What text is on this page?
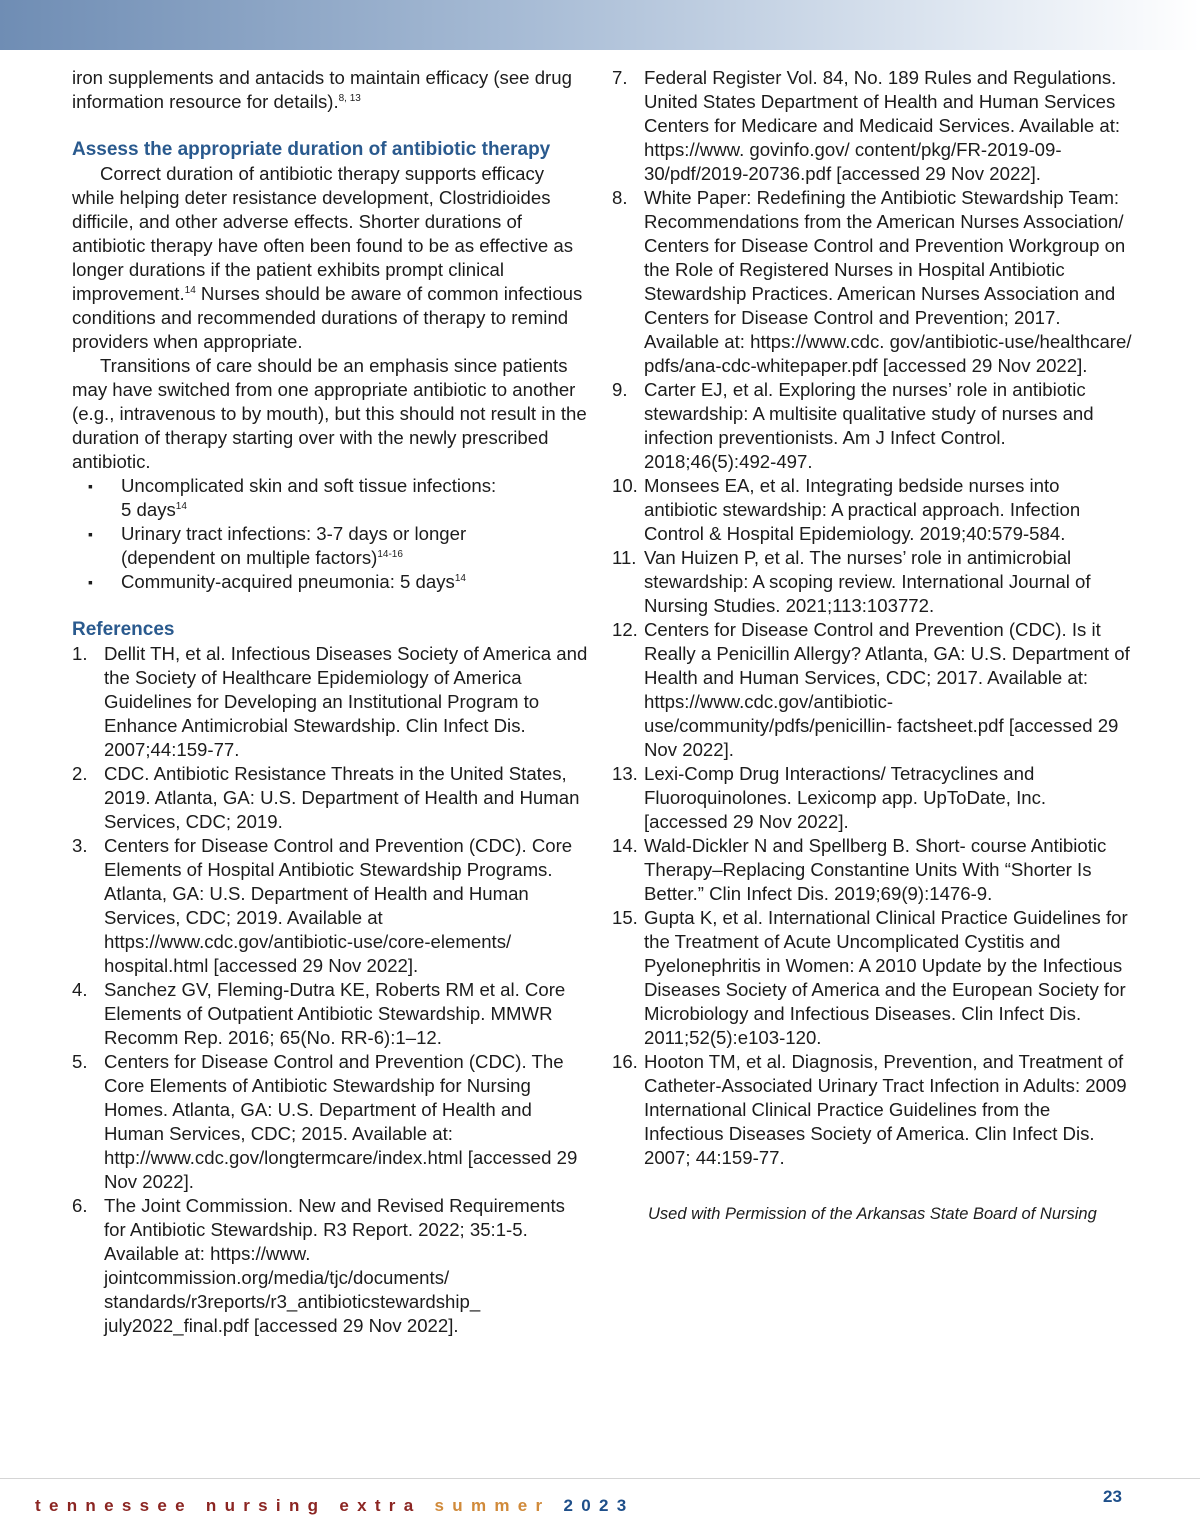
iron supplements and antacids to maintain efficacy (see drug information resource for details).$^{8, 13}$

Assess the appropriate duration of antibiotic therapy

Correct duration of antibiotic therapy supports efficacy while helping deter resistance development, Clostridioides difficile, and other adverse effects. Shorter durations of antibiotic therapy have often been found to be as effective as longer durations if the patient exhibits prompt clinical improvement.$^{14}$ Nurses should be aware of common infectious conditions and recommended durations of therapy to remind providers when appropriate.

Transitions of care should be an emphasis since patients may have switched from one appropriate antibiotic to another (e.g., intravenous to by mouth), but this should not result in the duration of therapy starting over with the newly prescribed antibiotic.

▪ Uncomplicated skin and soft tissue infections:
5 days$^{14}$
▪ Urinary tract infections: 3-7 days or longer
(dependent on multiple factors)$^{14-16}$
▪ Community-acquired pneumonia: 5 days$^{14}$
References
1. Dellit TH, et al. Infectious Diseases Society of America and the Society of Healthcare Epidemiology of America Guidelines for Developing an Institutional Program to Enhance Antimicrobial Stewardship. Clin Infect Dis. 2007;44:159-77.
2. CDC. Antibiotic Resistance Threats in the United States, 2019. Atlanta, GA: U.S. Department of Health and Human Services, CDC; 2019.
3. Centers for Disease Control and Prevention (CDC). Core Elements of Hospital Antibiotic Stewardship Programs. Atlanta, GA: U.S. Department of Health and Human Services, CDC; 2019. Available at https://www.cdc.gov/antibiotic-use/core-elements/ hospital.html [accessed 29 Nov 2022].
4. Sanchez GV, Fleming-Dutra KE, Roberts RM et al. Core Elements of Outpatient Antibiotic Stewardship. MMWR Recomm Rep. 2016; 65(No. RR-6):1–12.
5. Centers for Disease Control and Prevention (CDC). The Core Elements of Antibiotic Stewardship for Nursing Homes. Atlanta, GA: U.S. Department of Health and Human Services, CDC; 2015. Available at: http://www.cdc.gov/longtermcare/index.html [accessed 29 Nov 2022].
6. The Joint Commission. New and Revised Requirements for Antibiotic Stewardship. R3 Report. 2022; 35:1-5. Available at: https://www. jointcommission.org/media/tjc/documents/ standards/r3reports/r3_antibioticstewardship_ july2022_final.pdf [accessed 29 Nov 2022].
7. Federal Register Vol. 84, No. 189 Rules and Regulations. United States Department of Health and Human Services Centers for Medicare and Medicaid Services. Available at: https://www. govinfo.gov/ content/pkg/FR-2019-09-30/pdf/2019-20736.pdf [accessed 29 Nov 2022].
8. White Paper: Redefining the Antibiotic Stewardship Team: Recommendations from the American Nurses Association/ Centers for Disease Control and Prevention Workgroup on the Role of Registered Nurses in Hospital Antibiotic Stewardship Practices. American Nurses Association and Centers for Disease Control and Prevention; 2017. Available at: https://www.cdc. gov/antibiotic-use/healthcare/ pdfs/ana-cdc-whitepaper.pdf [accessed 29 Nov 2022].
9. Carter EJ, et al. Exploring the nurses’ role in antibiotic stewardship: A multisite qualitative study of nurses and infection preventionists. Am J Infect Control. 2018;46(5):492-497.
10. Monsees EA, et al. Integrating bedside nurses into antibiotic stewardship: A practical approach. Infection Control & Hospital Epidemiology. 2019;40:579-584.
11. Van Huizen P, et al. The nurses’ role in antimicrobial stewardship: A scoping review. International Journal of Nursing Studies. 2021;113:103772.
12. Centers for Disease Control and Prevention (CDC). Is it Really a Penicillin Allergy? Atlanta, GA: U.S. Department of Health and Human Services, CDC; 2017. Available at: https://www.cdc.gov/antibiotic-use/community/pdfs/penicillin- factsheet.pdf [accessed 29 Nov 2022].
13. Lexi-Comp Drug Interactions/ Tetracyclines and Fluoroquinolones. Lexicomp app. UpToDate, Inc. [accessed 29 Nov 2022].
14. Wald-Dickler N and Spellberg B. Short- course Antibiotic Therapy–Replacing Constantine Units With “Shorter Is Better.” Clin Infect Dis. 2019;69(9):1476-9.
15. Gupta K, et al. International Clinical Practice Guidelines for the Treatment of Acute Uncomplicated Cystitis and Pyelonephritis in Women: A 2010 Update by the Infectious Diseases Society of America and the European Society for Microbiology and Infectious Diseases. Clin Infect Dis. 2011;52(5):e103-120.
16. Hooton TM, et al. Diagnosis, Prevention, and Treatment of Catheter-Associated Urinary Tract Infection in Adults: 2009 International Clinical Practice Guidelines from the Infectious Diseases Society of America. Clin Infect Dis. 2007; 44:159-77.

Used with Permission of the Arkansas State Board of Nursing

tennessee nursing extra summer 2023	23
